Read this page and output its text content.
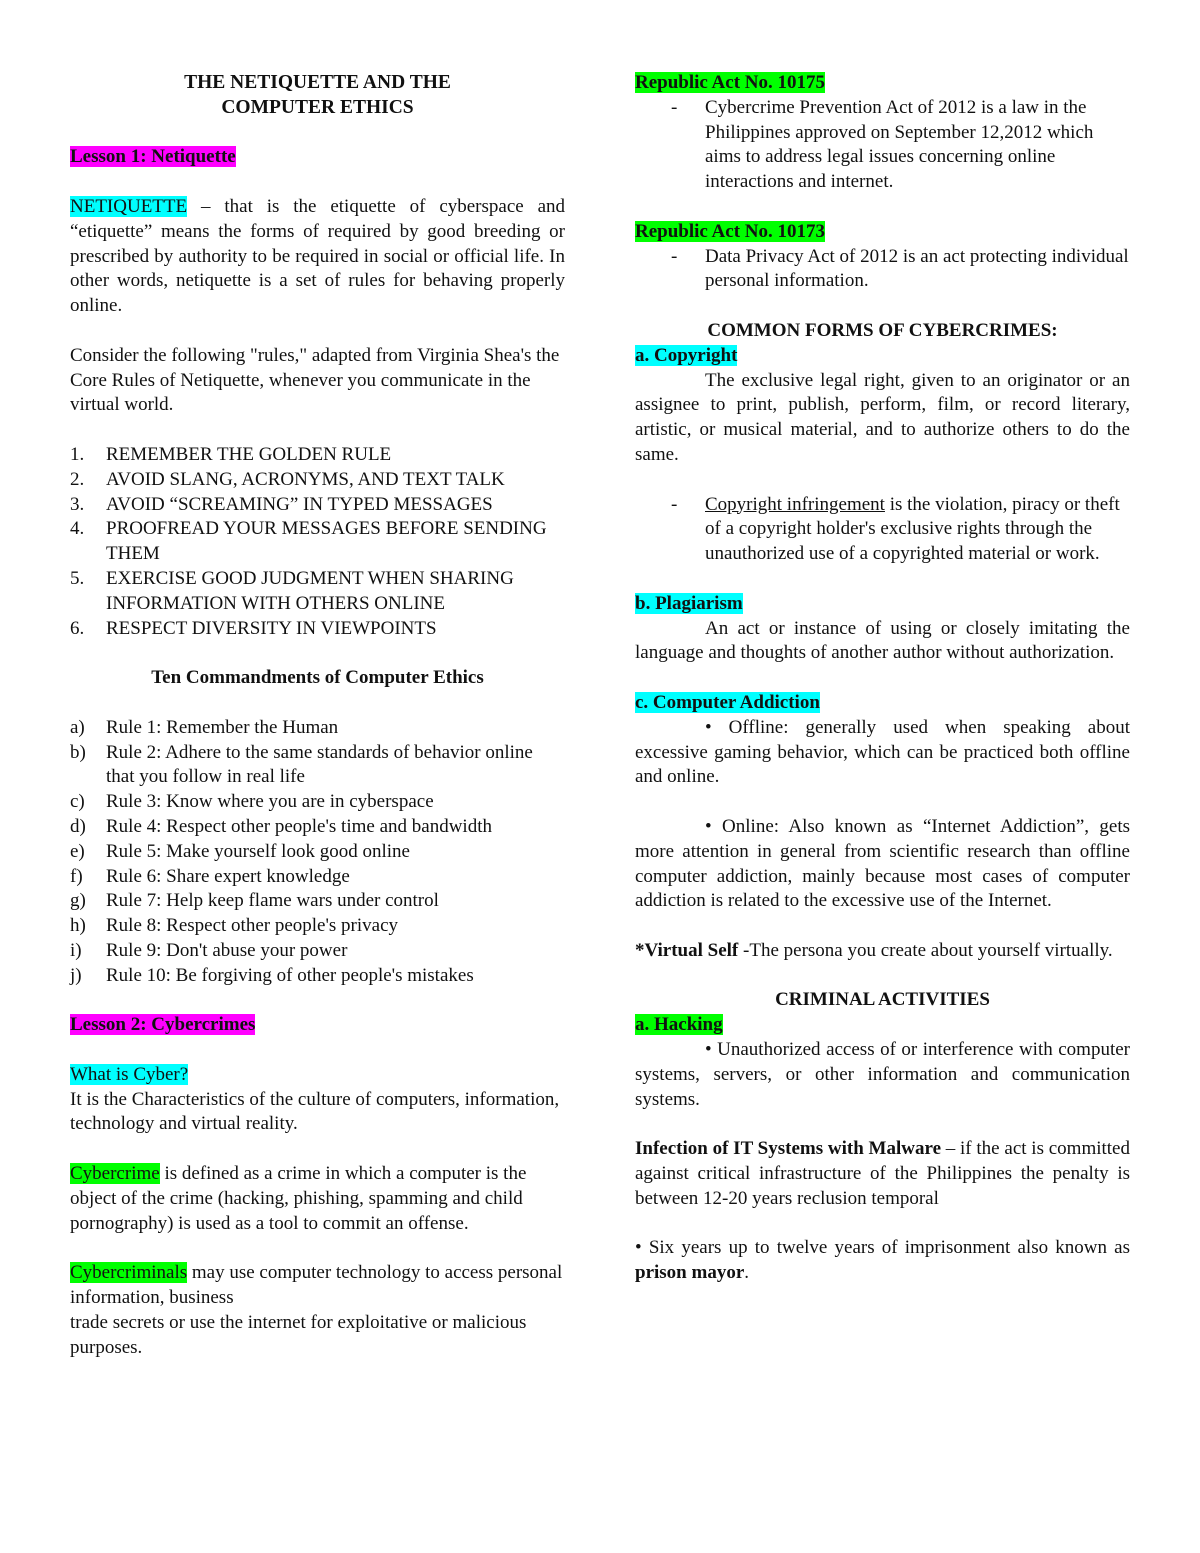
THE NETIQUETTE AND THE
COMPUTER ETHICS

Lesson 1: Netiquette

NETIQUETTE – that is the etiquette of cyberspace and “etiquette” means the forms of required by good breeding or prescribed by authority to be required in social or official life. In other words, netiquette is a set of rules for behaving properly online.

Consider the following "rules," adapted from Virginia Shea's the Core Rules of Netiquette, whenever you communicate in the virtual world.

1. REMEMBER THE GOLDEN RULE
2. AVOID SLANG, ACRONYMS, AND TEXT TALK
3. AVOID “SCREAMING” IN TYPED MESSAGES
4. PROOFREAD YOUR MESSAGES BEFORE SENDING THEM
5. EXERCISE GOOD JUDGMENT WHEN SHARING INFORMATION WITH OTHERS ONLINE
6. RESPECT DIVERSITY IN VIEWPOINTS

Ten Commandments of Computer Ethics

a) Rule 1: Remember the Human
b) Rule 2: Adhere to the same standards of behavior online that you follow in real life
c) Rule 3: Know where you are in cyberspace
d) Rule 4: Respect other people's time and bandwidth
e) Rule 5: Make yourself look good online
f) Rule 6: Share expert knowledge
g) Rule 7: Help keep flame wars under control
h) Rule 8: Respect other people's privacy
i) Rule 9: Don't abuse your power
j) Rule 10: Be forgiving of other people's mistakes

Lesson 2: Cybercrimes

What is Cyber?

It is the Characteristics of the culture of computers, information, technology and virtual reality.

Cybercrime is defined as a crime in which a computer is the object of the crime (hacking, phishing, spamming and child pornography) is used as a tool to commit an offense.

Cybercriminals may use computer technology to access personal information, business

trade secrets or use the internet for exploitative or malicious purposes.

Republic Act No. 10175

- Cybercrime Prevention Act of 2012 is a law in the Philippines approved on September 12,2012 which aims to address legal issues concerning online interactions and internet.

Republic Act No. 10173

- Data Privacy Act of 2012 is an act protecting individual personal information.

COMMON FORMS OF CYBERCRIMES:

a. Copyright

The exclusive legal right, given to an originator or an assignee to print, publish, perform, film, or record literary, artistic, or musical material, and to authorize others to do the same.

- Copyright infringement is the violation, piracy or theft of a copyright holder's exclusive rights through the unauthorized use of a copyrighted material or work.

b. Plagiarism

An act or instance of using or closely imitating the language and thoughts of another author without authorization.

c. Computer Addiction

• Offline: generally used when speaking about excessive gaming behavior, which can be practiced both offline and online.

• Online: Also known as “Internet Addiction”, gets more attention in general from scientific research than offline computer addiction, mainly because most cases of computer addiction is related to the excessive use of the Internet.

*Virtual Self -The persona you create about yourself virtually.

CRIMINAL ACTIVITIES

a. Hacking

• Unauthorized access of or interference with computer systems, servers, or other information and communication systems.

Infection of IT Systems with Malware – if the act is committed against critical infrastructure of the Philippines the penalty is between 12-20 years reclusion temporal

• Six years up to twelve years of imprisonment also known as prison mayor.
